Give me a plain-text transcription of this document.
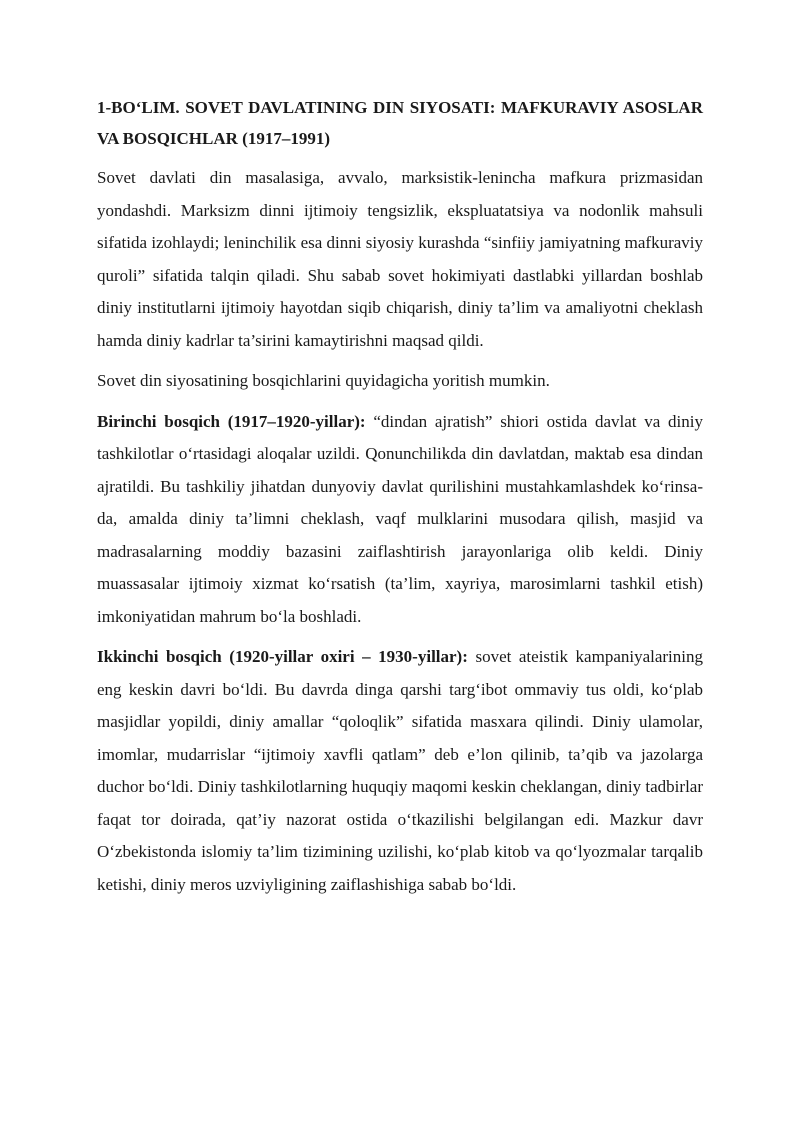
1-BO‘LIM. SOVET DAVLATINING DIN SIYOSATI: MAFKURAVIY ASOSLAR VA BOSQICHLAR (1917–1991)

Sovet davlati din masalasiga, avvalo, marksistik-lenincha mafkura prizmasidan yondashdi. Marksizm dinni ijtimoiy tengsizlik, ekspluatatsiya va nodonlik mahsuli sifatida izohlaydi; leninchilik esa dinni siyosiy kurashda “sinfiiy jamiyatning mafkuraviy quroli” sifatida talqin qiladi. Shu sabab sovet hokimiyati dastlabki yillardan boshlab diniy institutlarni ijtimoiy hayotdan siqib chiqarish, diniy ta’lim va amaliyotni cheklash hamda diniy kadrlar ta’sirini kamaytirishni maqsad qildi.

Sovet din siyosatining bosqichlarini quyidagicha yoritish mumkin.

Birinchi bosqich (1917–1920-yillar): “dindan ajratish” shiori ostida davlat va diniy tashkilotlar o‘rtasidagi aloqalar uzildi. Qonunchilikda din davlatdan, maktab esa dindan ajratildi. Bu tashkiliy jihatdan dunyoviy davlat qurilishini mustahkamlashdek ko‘rinsa-da, amalda diniy ta’limni cheklash, vaqf mulklarini musodara qilish, masjid va madrasalarning moddiy bazasini zaiflashtirish jarayonlariga olib keldi. Diniy muassasalar ijtimoiy xizmat ko‘rsatish (ta’lim, xayriya, marosimlarni tashkil etish) imkoniyatidan mahrum bo‘la boshladi.

Ikkinchi bosqich (1920-yillar oxiri – 1930-yillar): sovet ateistik kampaniyalarining eng keskin davri bo‘ldi. Bu davrda dinga qarshi targ‘ibot ommaviy tus oldi, ko‘plab masjidlar yopildi, diniy amallar “qoloqlik” sifatida masxara qilindi. Diniy ulamolar, imomlar, mudarrislar “ijtimoiy xavfli qatlam” deb e’lon qilinib, ta’qib va jazolarga duchor bo‘ldi. Diniy tashkilotlarning huquqiy maqomi keskin cheklangan, diniy tadbirlar faqat tor doirada, qat’iy nazorat ostida o‘tkazilishi belgilangan edi. Mazkur davr O‘zbekistonda islomiy ta’lim tizimining uzilishi, ko‘plab kitob va qo‘lyozmalar tarqalib ketishi, diniy meros uzviyligining zaiflashishiga sabab bo‘ldi.
